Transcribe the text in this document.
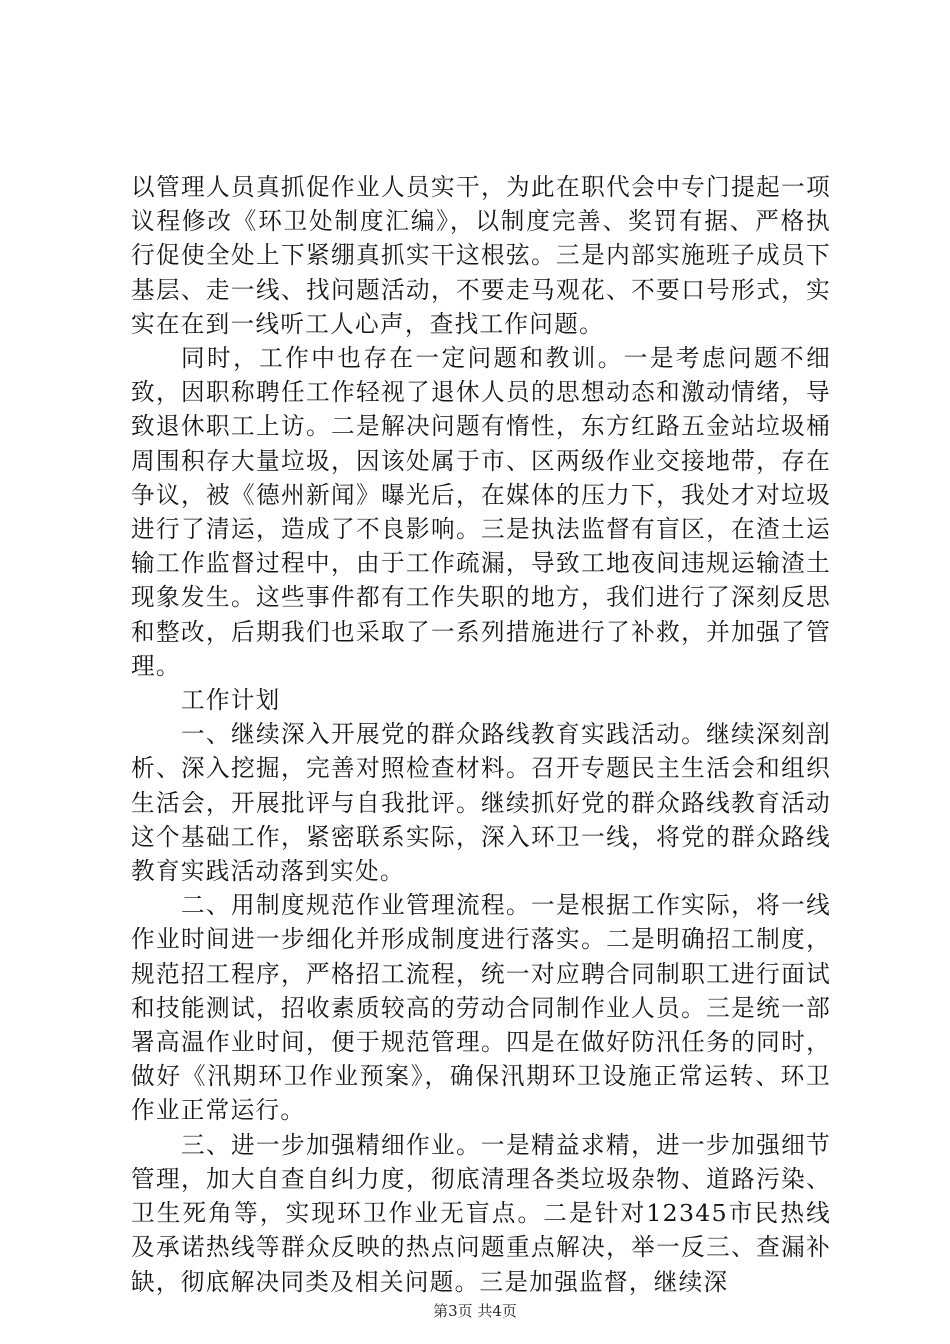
以管理人员真抓促作业人员实干，为此在职代会中专门提起一项议程修改《环卫处制度汇编》，以制度完善、奖罚有据、严格执行促使全处上下紧绷真抓实干这根弦。三是内部实施班子成员下基层、走一线、找问题活动，不要走马观花、不要口号形式，实实在在到一线听工人心声，查找工作问题。

同时，工作中也存在一定问题和教训。一是考虑问题不细致，因职称聘任工作轻视了退休人员的思想动态和激动情绪，导致退休职工上访。二是解决问题有惰性，东方红路五金站垃圾桶周围积存大量垃圾，因该处属于市、区两级作业交接地带，存在争议，被《德州新闻》曝光后，在媒体的压力下，我处才对垃圾进行了清运，造成了不良影响。三是执法监督有盲区，在渣土运输工作监督过程中，由于工作疏漏，导致工地夜间违规运输渣土现象发生。这些事件都有工作失职的地方，我们进行了深刻反思和整改，后期我们也采取了一系列措施进行了补救，并加强了管理。

工作计划

一、继续深入开展党的群众路线教育实践活动。继续深刻剖析、深入挖掘，完善对照检查材料。召开专题民主生活会和组织生活会，开展批评与自我批评。继续抓好党的群众路线教育活动这个基础工作，紧密联系实际，深入环卫一线，将党的群众路线教育实践活动落到实处。

二、用制度规范作业管理流程。一是根据工作实际，将一线作业时间进一步细化并形成制度进行落实。二是明确招工制度，规范招工程序，严格招工流程，统一对应聘合同制职工进行面试和技能测试，招收素质较高的劳动合同制作业人员。三是统一部署高温作业时间，便于规范管理。四是在做好防汛任务的同时，做好《汛期环卫作业预案》，确保汛期环卫设施正常运转、环卫作业正常运行。

三、进一步加强精细作业。一是精益求精，进一步加强细节管理，加大自查自纠力度，彻底清理各类垃圾杂物、道路污染、卫生死角等，实现环卫作业无盲点。二是针对12345市民热线及承诺热线等群众反映的热点问题重点解决，举一反三、查漏补缺，彻底解决同类及相关问题。三是加强监督，继续深

第3页 共4页
